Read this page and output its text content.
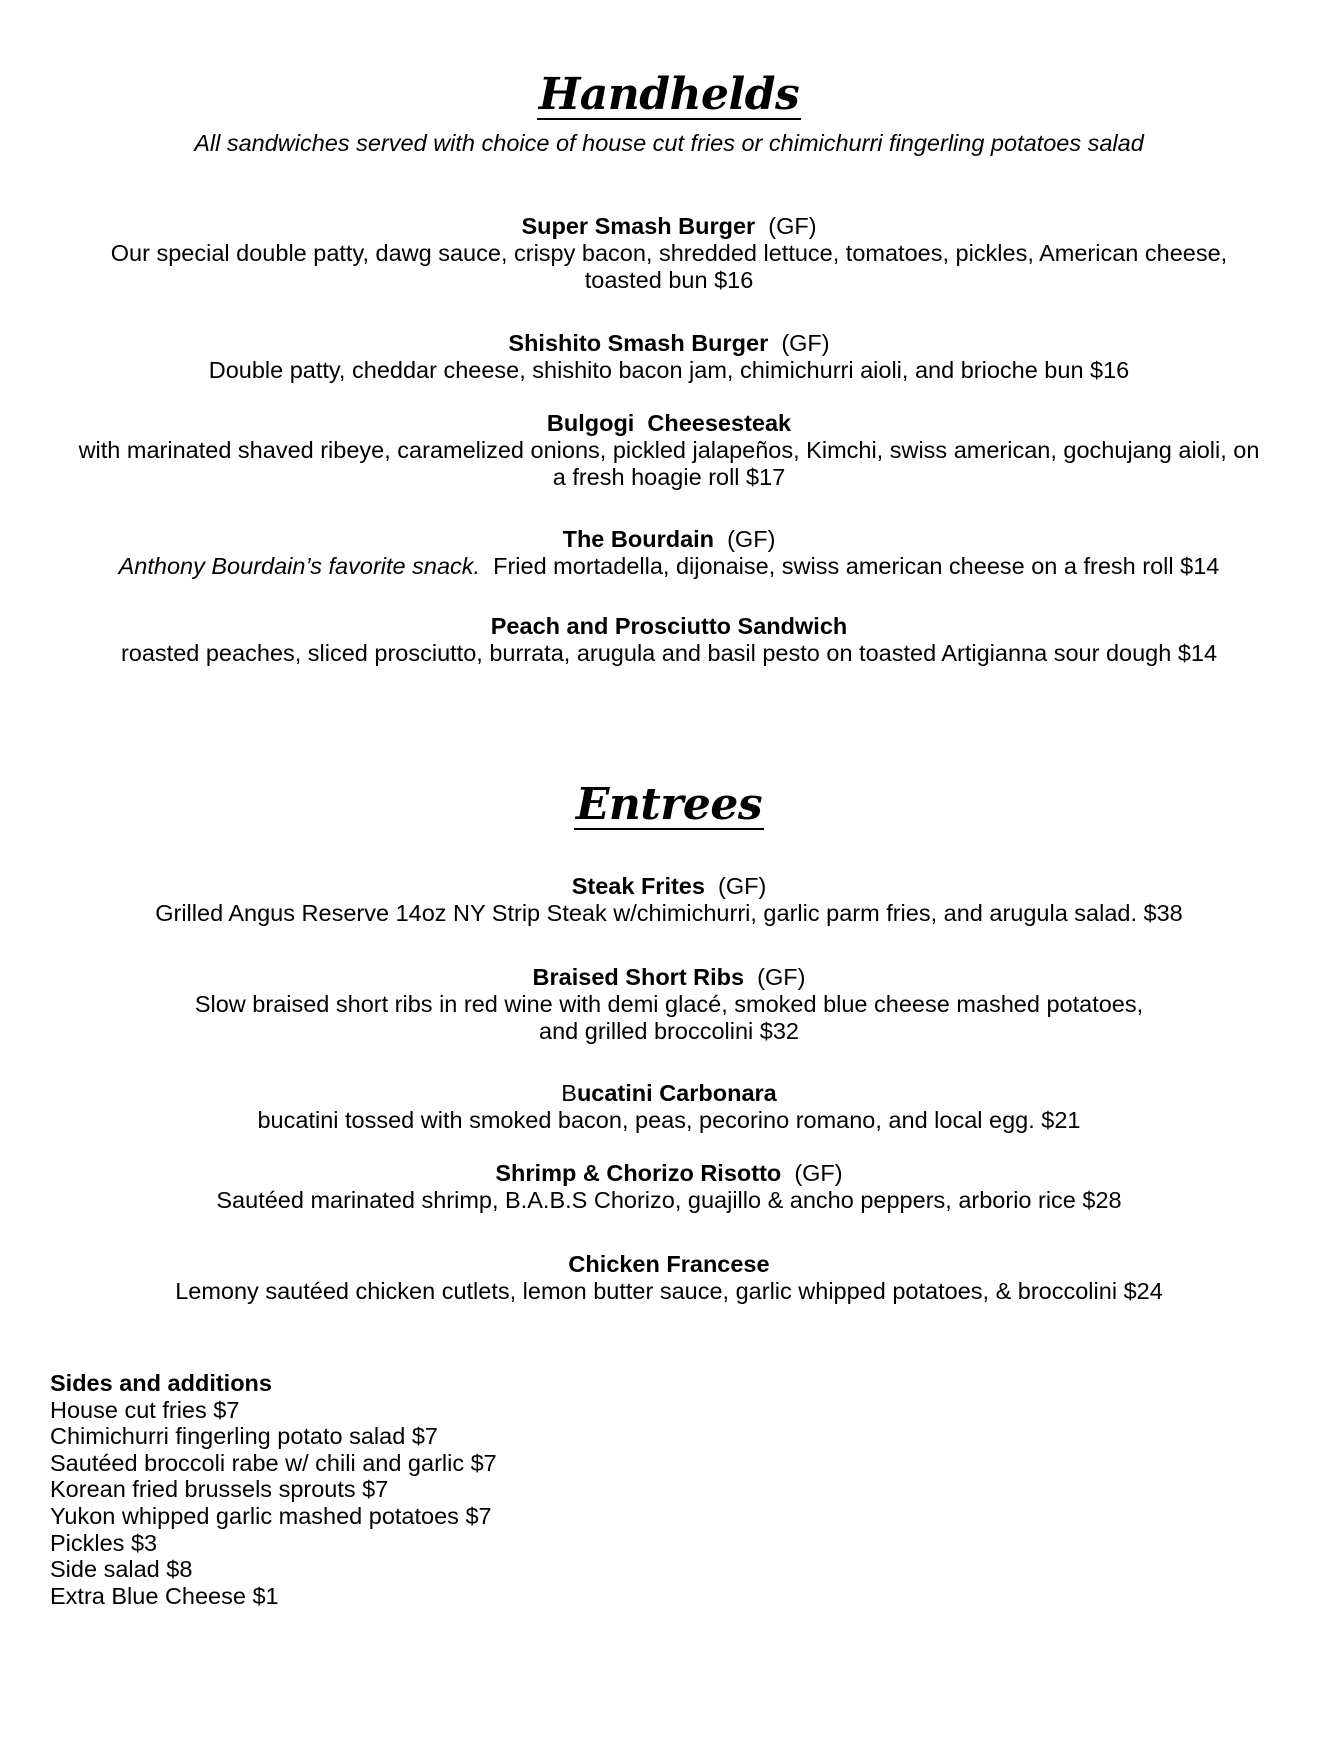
Handhelds
All sandwiches served with choice of house cut fries or chimichurri fingerling potatoes salad
Super Smash Burger (GF)
Our special double patty, dawg sauce, crispy bacon, shredded lettuce, tomatoes, pickles, American cheese,
toasted bun $16
Shishito Smash Burger (GF)
Double patty, cheddar cheese, shishito bacon jam, chimichurri aioli, and brioche bun $16
Bulgogi  Cheesesteak
with marinated shaved ribeye, caramelized onions, pickled jalapeños, Kimchi, swiss american, gochujang aioli, on
a fresh hoagie roll $17
The Bourdain (GF)
Anthony Bourdain’s favorite snack. Fried mortadella, dijonaise, swiss american cheese on a fresh roll $14
Peach and Prosciutto Sandwich
roasted peaches, sliced prosciutto, burrata, arugula and basil pesto on toasted Artigianna sour dough $14
Entrees
Steak Frites (GF)
Grilled Angus Reserve 14oz NY Strip Steak w/chimichurri, garlic parm fries, and arugula salad. $38
Braised Short Ribs (GF)
Slow braised short ribs in red wine with demi glacé, smoked blue cheese mashed potatoes,
and grilled broccolini $32
Bucatini Carbonara
bucatini tossed with smoked bacon, peas, pecorino romano, and local egg. $21
Shrimp & Chorizo Risotto (GF)
Sautéed marinated shrimp, B.A.B.S Chorizo, guajillo & ancho peppers, arborio rice $28
Chicken Francese
Lemony sautéed chicken cutlets, lemon butter sauce, garlic whipped potatoes, & broccolini $24
Sides and additions
House cut fries $7
Chimichurri fingerling potato salad $7
Sautéed broccoli rabe w/ chili and garlic $7
Korean fried brussels sprouts $7
Yukon whipped garlic mashed potatoes $7
Pickles $3
Side salad $8
Extra Blue Cheese $1
